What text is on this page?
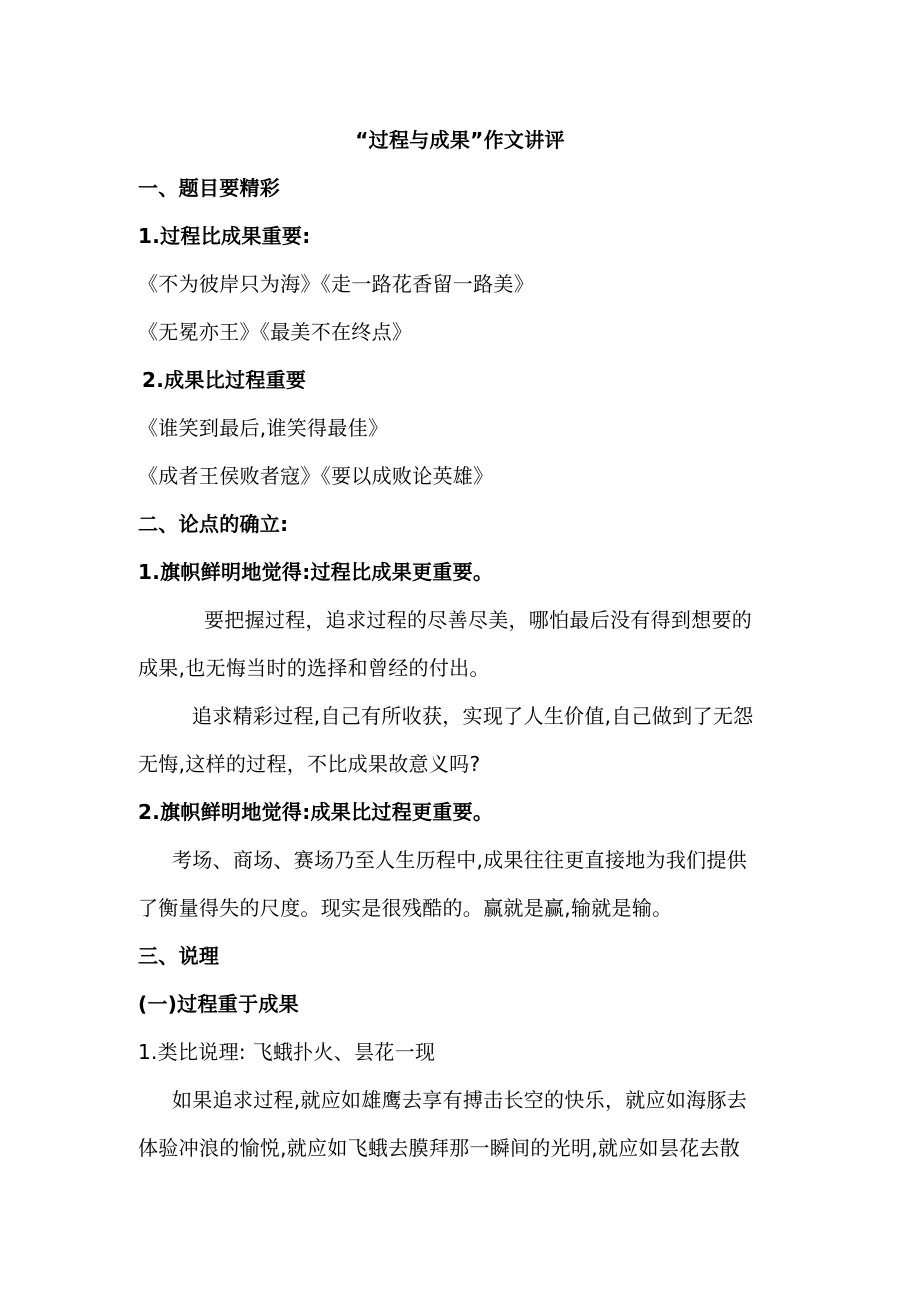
“过程与成果”作文讲评
一、题目要精彩
1.过程比成果重要:
《不为彼岸只为海》《走一路花香留一路美》
《无冕亦王》《最美不在终点》
2.成果比过程重要
《谁笑到最后,谁笑得最佳》
《成者王侯败者寇》《要以成败论英雄》
二、论点的确立:
1.旗帜鲜明地觉得:过程比成果更重要。
要把握过程，追求过程的尽善尽美，哪怕最后没有得到想要的
成果,也无悔当时的选择和曾经的付出。
追求精彩过程,自己有所收获，实现了人生价值,自己做到了无怨
无悔,这样的过程，不比成果故意义吗?
2.旗帜鲜明地觉得:成果比过程更重要。
考场、商场、赛场乃至人生历程中,成果往往更直接地为我们提供
了衡量得失的尺度。现实是很残酷的。赢就是赢,输就是输。
三、说理
(一)过程重于成果
1.类比说理: 飞蛾扑火、昙花一现
如果追求过程,就应如雄鹰去享有搏击长空的快乐，就应如海豚去
体验冲浪的愉悦,就应如飞蛾去膜拜那一瞬间的光明,就应如昙花去散
